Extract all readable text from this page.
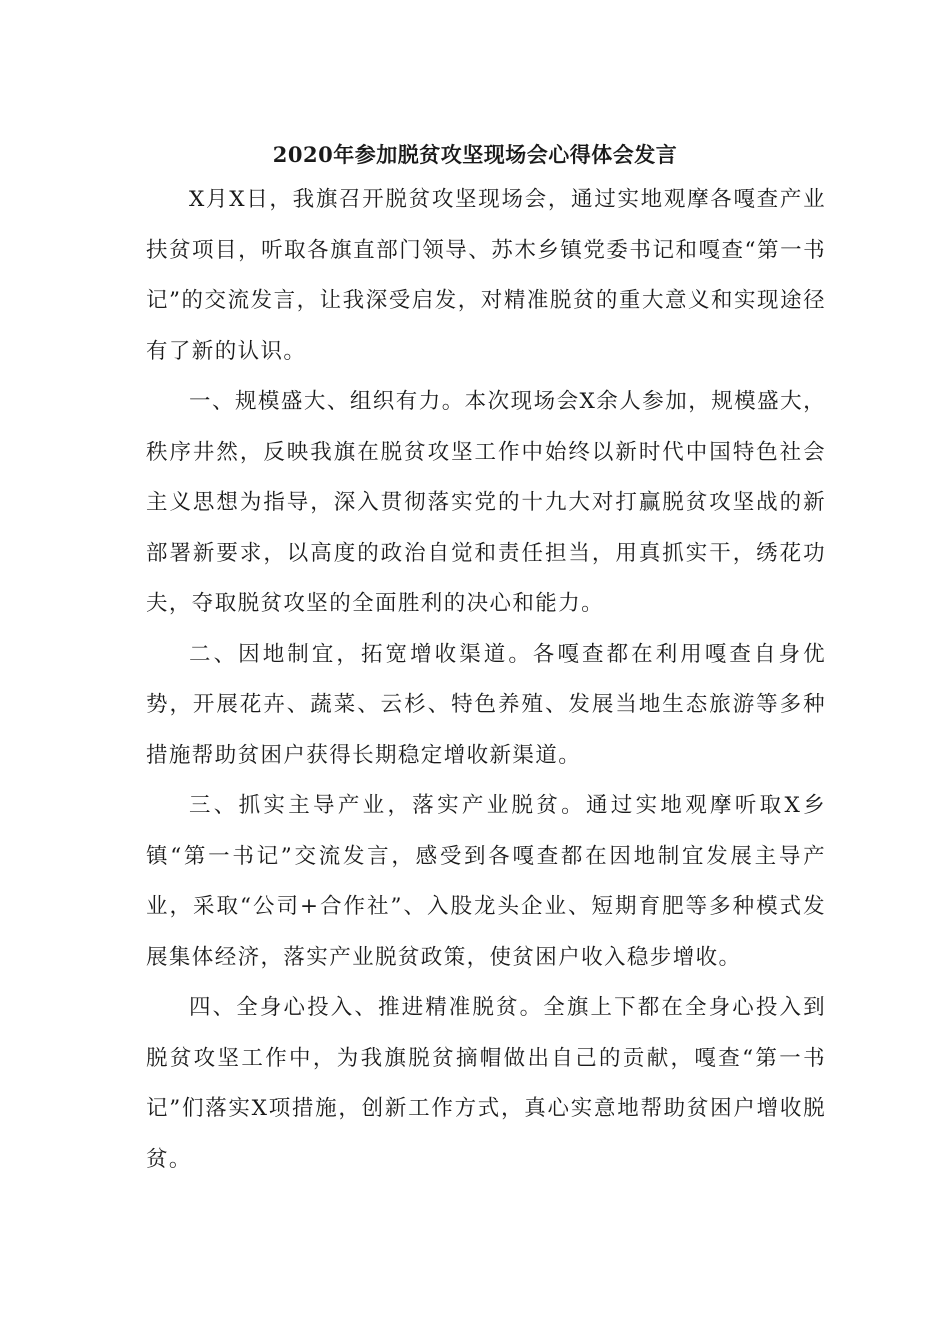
2020年参加脱贫攻坚现场会心得体会发言

X月X日，我旗召开脱贫攻坚现场会，通过实地观摩各嘎查产业扶贫项目，听取各旗直部门领导、苏木乡镇党委书记和嘎查“第一书记”的交流发言，让我深受启发，对精准脱贫的重大意义和实现途径有了新的认识。

一、规模盛大、组织有力。本次现场会X余人参加，规模盛大，秩序井然，反映我旗在脱贫攻坚工作中始终以新时代中国特色社会主义思想为指导，深入贯彻落实党的十九大对打赢脱贫攻坚战的新部署新要求，以高度的政治自觉和责任担当，用真抓实干，绣花功夫，夺取脱贫攻坚的全面胜利的决心和能力。

二、因地制宜，拓宽增收渠道。各嘎查都在利用嘎查自身优势，开展花卉、蔬菜、云杉、特色养殖、发展当地生态旅游等多种措施帮助贫困户获得长期稳定增收新渠道。

三、抓实主导产业，落实产业脱贫。通过实地观摩听取X乡镇“第一书记”交流发言，感受到各嘎查都在因地制宜发展主导产业，采取“公司+合作社”、入股龙头企业、短期育肥等多种模式发展集体经济，落实产业脱贫政策，使贫困户收入稳步增收。

四、全身心投入、推进精准脱贫。全旗上下都在全身心投入到脱贫攻坚工作中，为我旗脱贫摘帽做出自己的贡献，嘎查“第一书记”们落实X项措施，创新工作方式，真心实意地帮助贫困户增收脱贫。
